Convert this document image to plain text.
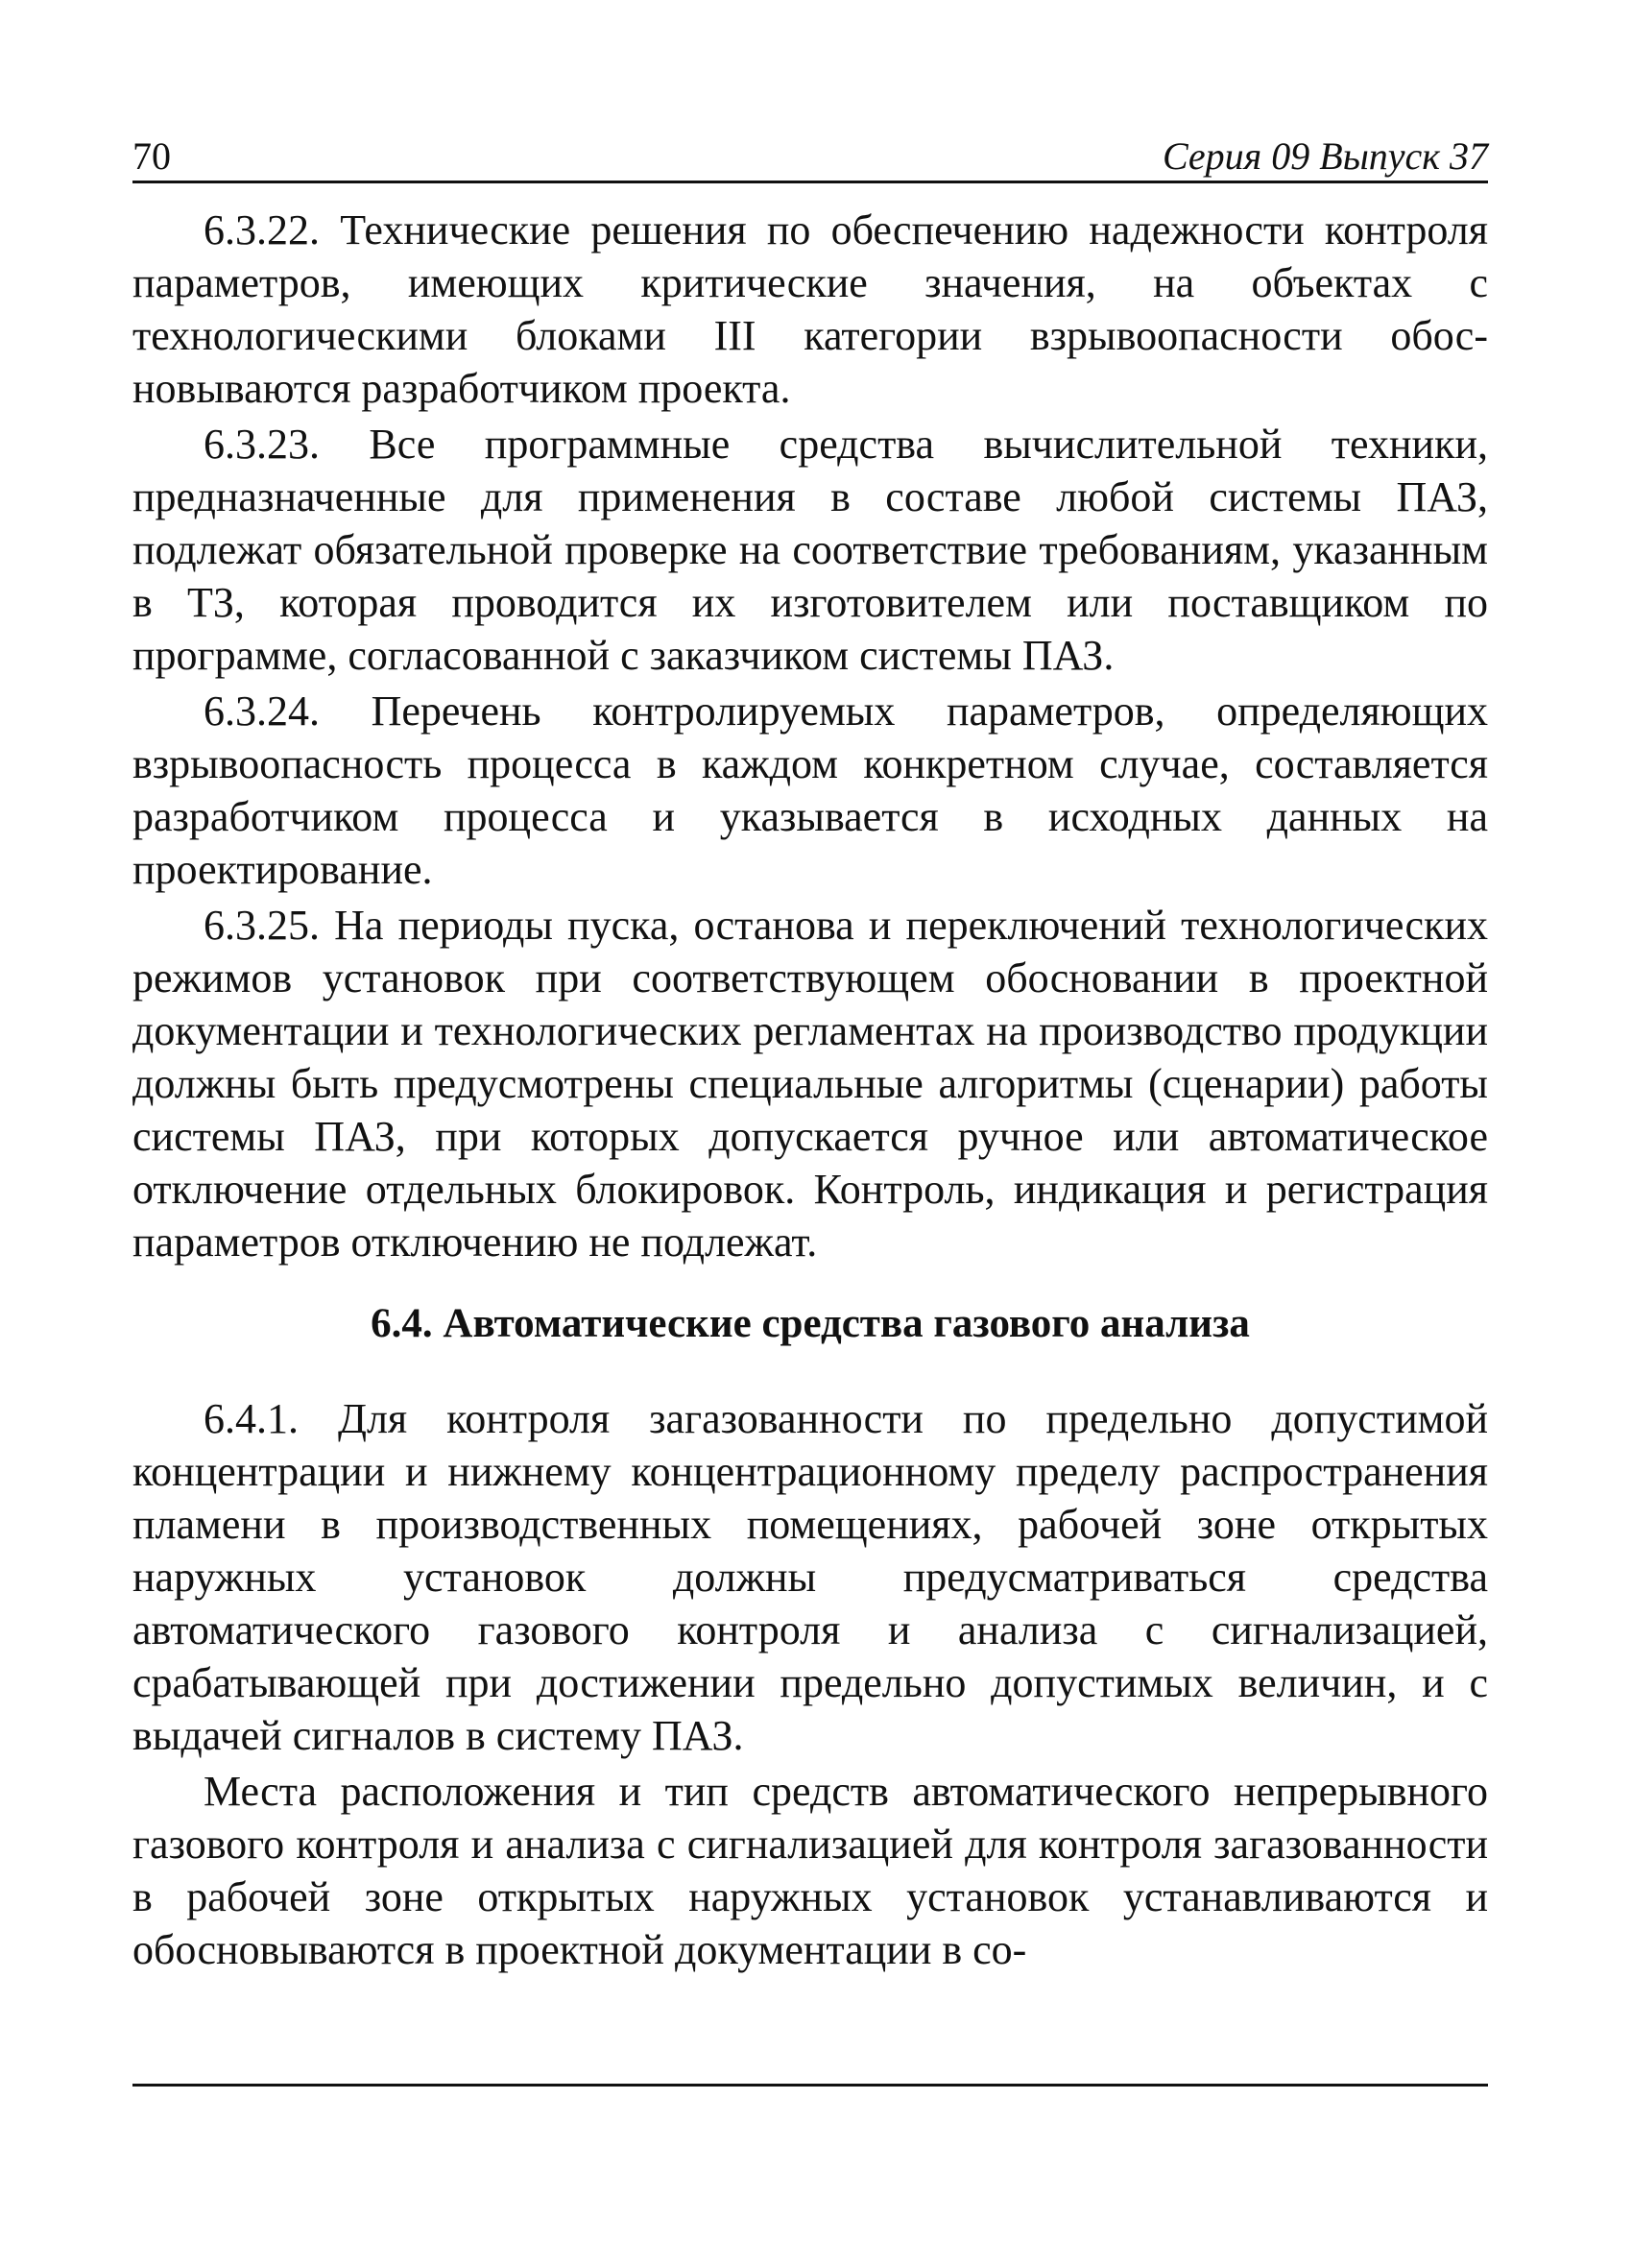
70	Серия 09 Выпуск 37

6.3.22. Технические решения по обеспечению надежности контроля параметров, имеющих критические значения, на объектах с технологическими блоками III категории взрывоопасности обосновываются разработчиком проекта.

6.3.23. Все программные средства вычислительной техники, предназначенные для применения в составе любой системы ПАЗ, подлежат обязательной проверке на соответствие требованиям, указанным в ТЗ, которая проводится их изготовителем или поставщиком по программе, согласованной с заказчиком системы ПАЗ.

6.3.24. Перечень контролируемых параметров, определяющих взрывоопасность процесса в каждом конкретном случае, составляется разработчиком процесса и указывается в исходных данных на проектирование.

6.3.25. На периоды пуска, останова и переключений технологических режимов установок при соответствующем обосновании в проектной документации и технологических регламентах на производство продукции должны быть предусмотрены специальные алгоритмы (сценарии) работы системы ПАЗ, при которых допускается ручное или автоматическое отключение отдельных блокировок. Контроль, индикация и регистрация параметров отключению не подлежат.

6.4. Автоматические средства газового анализа

6.4.1. Для контроля загазованности по предельно допустимой концентрации и нижнему концентрационному пределу распространения пламени в производственных помещениях, рабочей зоне открытых наружных установок должны предусматриваться средства автоматического газового контроля и анализа с сигнализацией, срабатывающей при достижении предельно допустимых величин, и с выдачей сигналов в систему ПАЗ.

Места расположения и тип средств автоматического непрерывного газового контроля и анализа с сигнализацией для контроля загазованности в рабочей зоне открытых наружных установок устанавливаются и обосновываются в проектной документации в со-
